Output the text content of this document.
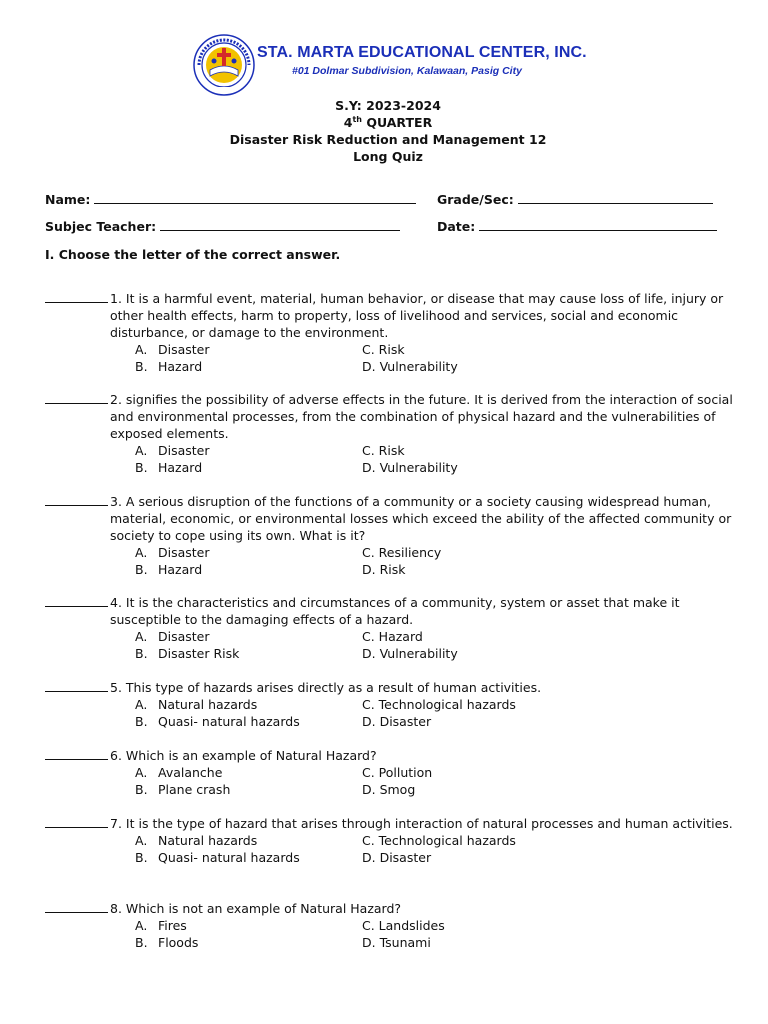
STA. MARTA EDUCATIONAL CENTER, INC.
#01 Dolmar Subdivision, Kalawaan, Pasig City
S.Y: 2023-2024
4th QUARTER
Disaster Risk Reduction and Management 12
Long Quiz
Name:	Grade/Sec:
Subjec Teacher:	Date:
I. Choose the letter of the correct answer.
1. It is a harmful event, material, human behavior, or disease that may cause loss of life, injury or other health effects, harm to property, loss of livelihood and services, social and economic disturbance, or damage to the environment.
A. Disaster
B. Hazard
C. Risk
D. Vulnerability
2. signifies the possibility of adverse effects in the future. It is derived from the interaction of social and environmental processes, from the combination of physical hazard and the vulnerabilities of exposed elements.
A. Disaster
B. Hazard
C. Risk
D. Vulnerability
3. A serious disruption of the functions of a community or a society causing widespread human, material, economic, or environmental losses which exceed the ability of the affected community or society to cope using its own. What is it?
A. Disaster
B. Hazard
C. Resiliency
D. Risk
4. It is the characteristics and circumstances of a community, system or asset that make it susceptible to the damaging effects of a hazard.
A. Disaster
B. Disaster Risk
C. Hazard
D. Vulnerability
5. This type of hazards arises directly as a result of human activities.
A. Natural hazards
B. Quasi- natural hazards
C. Technological hazards
D. Disaster
6. Which is an example of Natural Hazard?
A. Avalanche
B. Plane crash
C. Pollution
D. Smog
7. It is the type of hazard that arises through interaction of natural processes and human activities.
A. Natural hazards
B. Quasi- natural hazards
C. Technological hazards
D. Disaster
8. Which is not an example of Natural Hazard?
A. Fires
B. Floods
C. Landslides
D. Tsunami
